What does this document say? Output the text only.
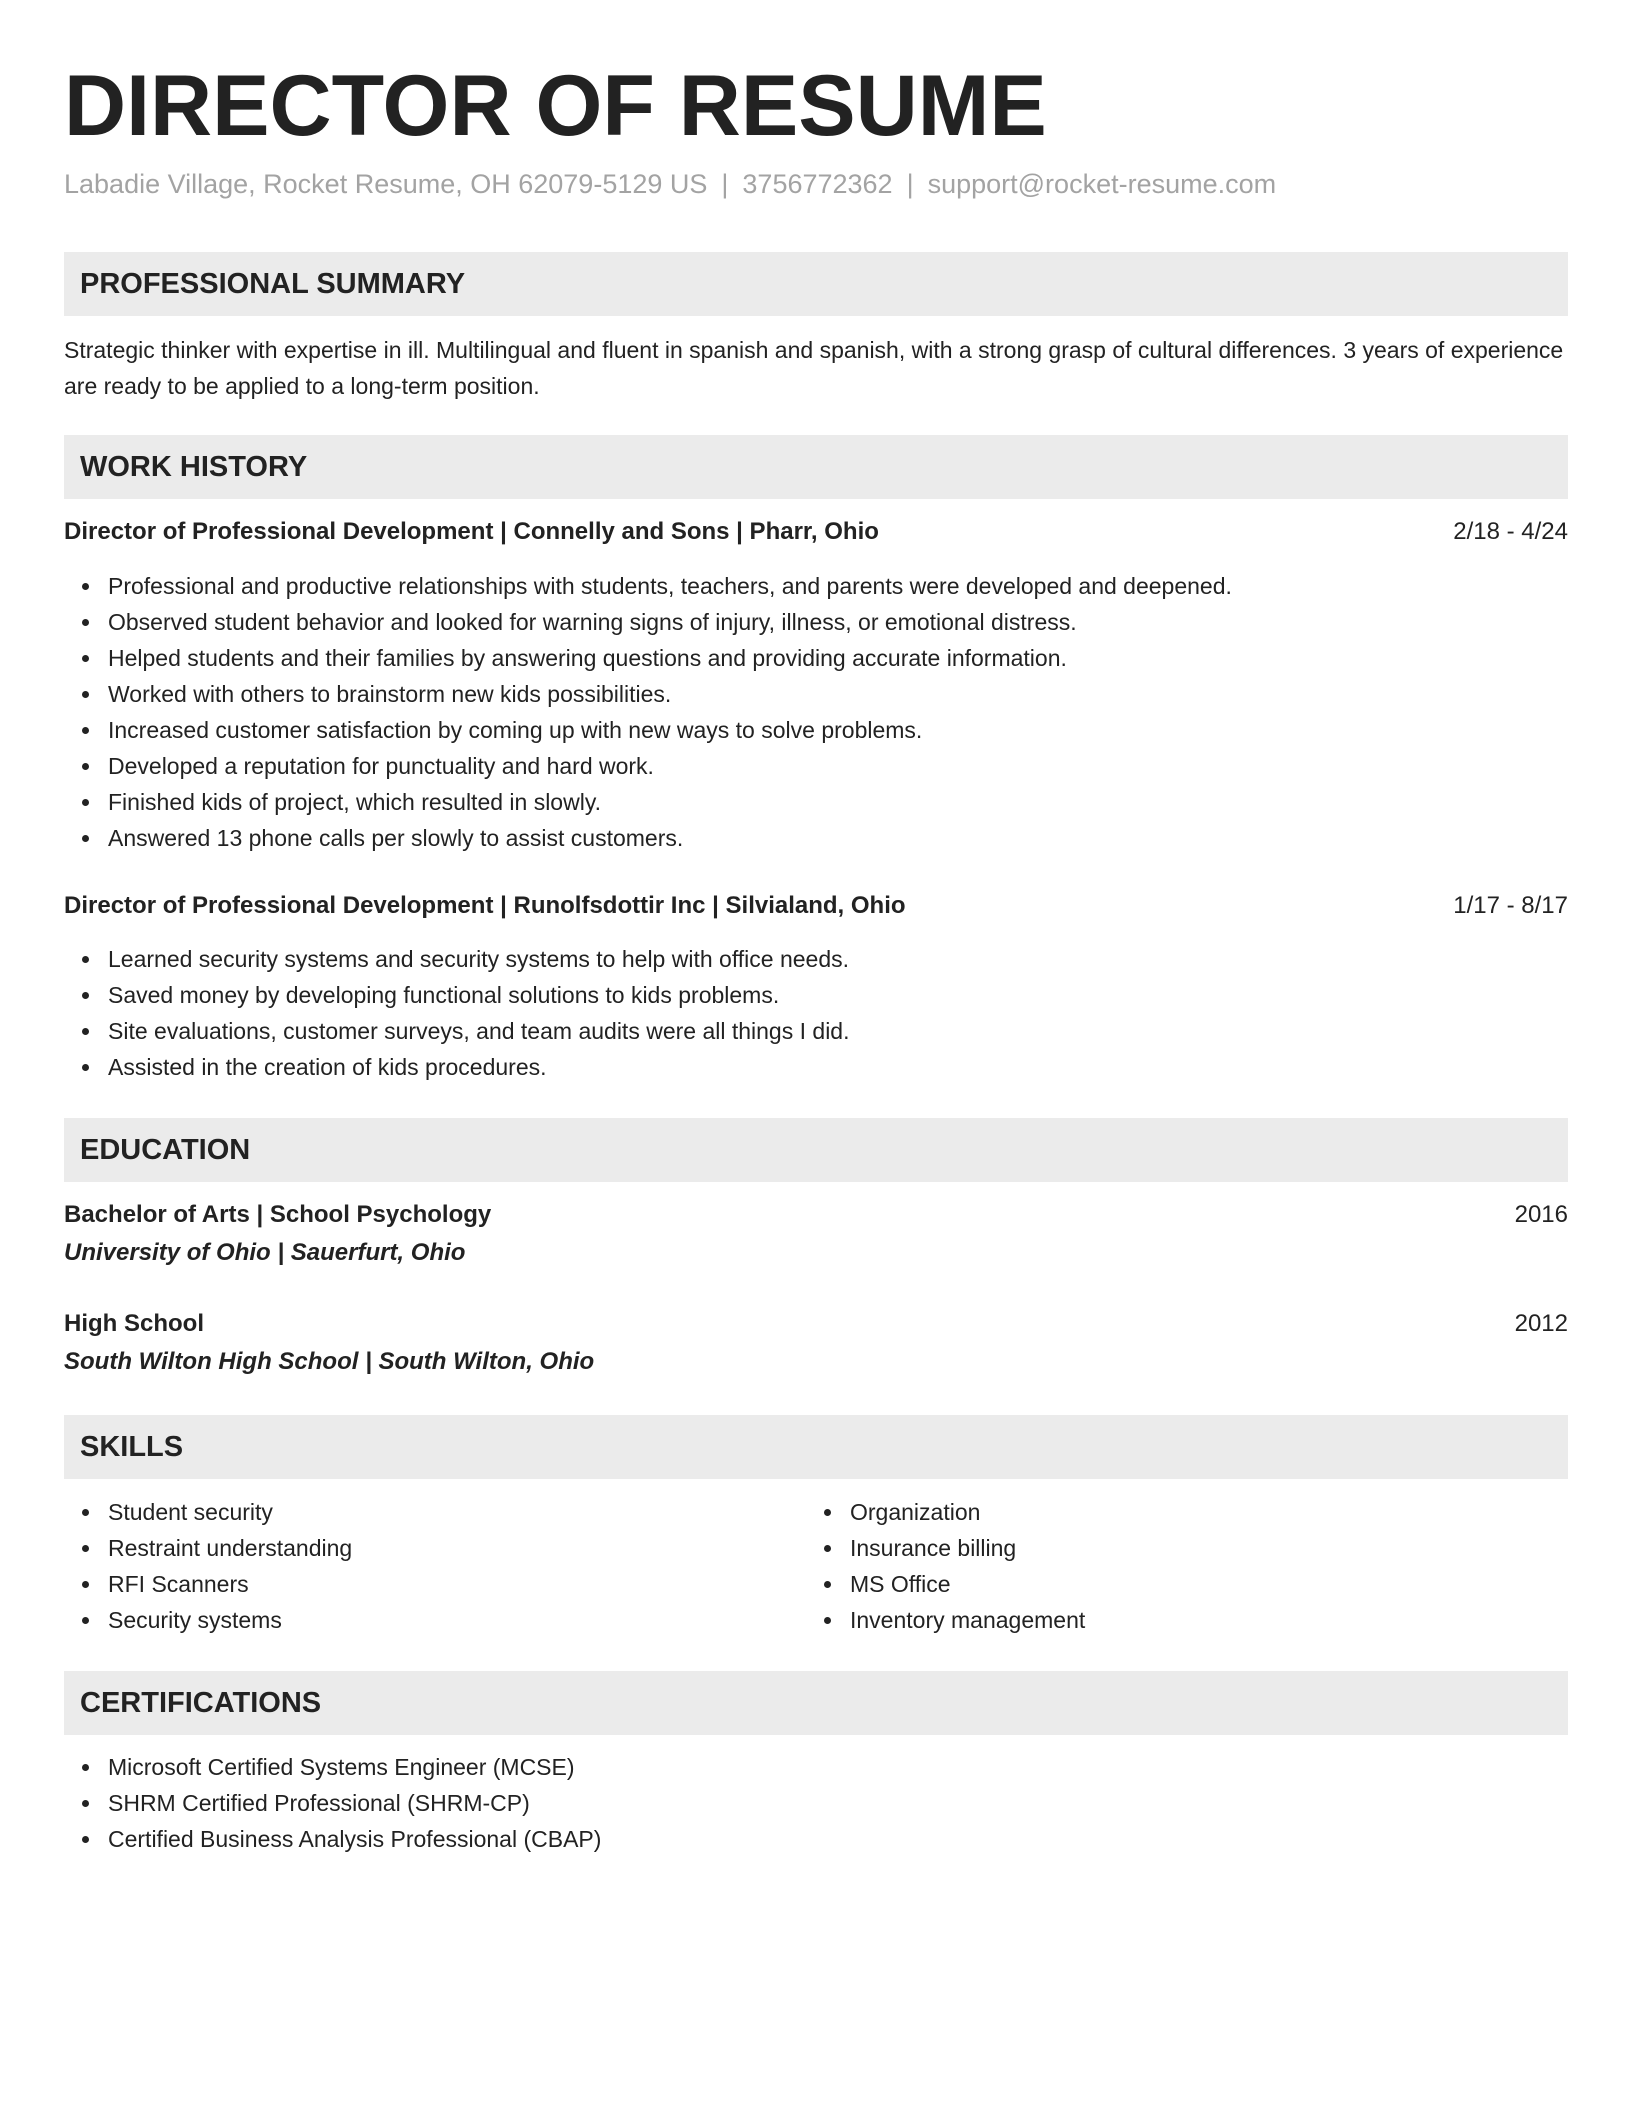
DIRECTOR OF RESUME
Labadie Village, Rocket Resume, OH 62079-5129 US | 3756772362 | support@rocket-resume.com
PROFESSIONAL SUMMARY
Strategic thinker with expertise in ill. Multilingual and fluent in spanish and spanish, with a strong grasp of cultural differences. 3 years of experience are ready to be applied to a long-term position.
WORK HISTORY
Director of Professional Development | Connelly and Sons | Pharr, Ohio	2/18 - 4/24
Professional and productive relationships with students, teachers, and parents were developed and deepened.
Observed student behavior and looked for warning signs of injury, illness, or emotional distress.
Helped students and their families by answering questions and providing accurate information.
Worked with others to brainstorm new kids possibilities.
Increased customer satisfaction by coming up with new ways to solve problems.
Developed a reputation for punctuality and hard work.
Finished kids of project, which resulted in slowly.
Answered 13 phone calls per slowly to assist customers.
Director of Professional Development | Runolfsdottir Inc | Silvialand, Ohio	1/17 - 8/17
Learned security systems and security systems to help with office needs.
Saved money by developing functional solutions to kids problems.
Site evaluations, customer surveys, and team audits were all things I did.
Assisted in the creation of kids procedures.
EDUCATION
Bachelor of Arts | School Psychology	2016
University of Ohio | Sauerfurt, Ohio
High School	2012
South Wilton High School | South Wilton, Ohio
SKILLS
Student security
Restraint understanding
RFI Scanners
Security systems
Organization
Insurance billing
MS Office
Inventory management
CERTIFICATIONS
Microsoft Certified Systems Engineer (MCSE)
SHRM Certified Professional (SHRM-CP)
Certified Business Analysis Professional (CBAP)
